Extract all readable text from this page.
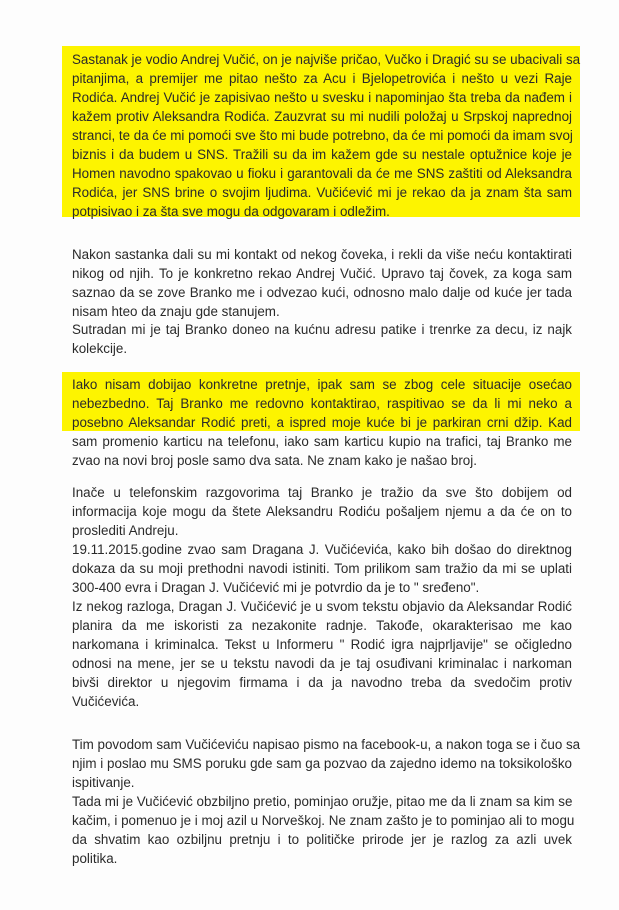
Sastanak je vodio Andrej Vučić, on je najviše pričao, Vučko i Dragić su se ubacivali sa
pitanjima, a premijer me pitao nešto za Acu i Bjelopetrovića i nešto u vezi Raje
Rodića. Andrej Vučić je zapisivao nešto u svesku i napominjao šta treba da nađem i
kažem protiv Aleksandra Rodića. Zauzvrat su mi nudili položaj u Srpskoj naprednoj
stranci, te da će mi pomoći sve što mi bude potrebno, da će mi pomoći da imam svoj
biznis i da budem u SNS. Tražili su da im kažem gde su nestale optužnice koje je
Homen navodno spakovao u fioku i garantovali da će me SNS zaštiti od Aleksandra
Rodića, jer SNS brine o svojim ljudima. Vučićević mi je rekao da ja znam šta sam
potpisivao i za šta sve mogu da odgovaram i odležim.
Nakon sastanka dali su mi kontakt od nekog čoveka, i rekli da više neću kontaktirati
nikog od njih. To je konkretno rekao Andrej Vučić. Upravo taj čovek, za koga sam
saznao da se zove Branko me i odvezao kući, odnosno malo dalje od kuće jer tada
nisam hteo da znaju gde stanujem.
Sutradan mi je taj Branko doneo na kućnu adresu patike i trenrke za decu, iz najk
kolekcije.
Iako nisam dobijao konkretne pretnje, ipak sam se zbog cele situacije osećao
nebezbedno. Taj Branko me redovno kontaktirao, raspitivao se da li mi neko a
posebno Aleksandar Rodić preti, a ispred moje kuće bi je parkiran crni džip. Kad
sam promenio karticu na telefonu, iako sam karticu kupio na trafici, taj Branko me
zvao na novi broj posle samo dva sata. Ne znam kako je našao broj.
Inače u telefonskim razgovorima taj Branko je tražio da sve što dobijem od
informacija koje mogu da štete Aleksandru Rodiću pošaljem njemu a da će on to
proslediti Andreju.
19.11.2015.godine zvao sam Dragana J. Vučićevića, kako bih došao do direktnog
dokaza da su moji prethodni navodi istiniti. Tom prilikom sam tražio da mi se uplati
300-400 evra i Dragan J. Vučićević mi je potvrdio da je to " sređeno".
Iz nekog razloga, Dragan J. Vučićević je u svom tekstu objavio da Aleksandar Rodić
planira da me iskoristi za nezakonite radnje. Takođe, okarakterisao me kao
narkomana i kriminalca. Tekst u Informeru " Rodić igra najprljavije" se očigledno
odnosi na mene, jer se u tekstu navodi da je taj osuđivani kriminalac i narkoman
bivši direktor u njegovim firmama i da ja navodno treba da svedočim protiv
Vučićevića.
Tim povodom sam Vučićeviću napisao pismo na facebook-u, a nakon toga se i čuo sa
njim i poslao mu SMS poruku gde sam ga pozvao da zajedno idemo na toksikološko
ispitivanje.
Tada mi je Vučićević obzbiljno pretio, pominjao oružje, pitao me da li znam sa kim se
kačim, i pomenuo je i moj azil u Norveškoj. Ne znam zašto je to pominjao ali to mogu
da shvatim kao ozbiljnu pretnju i to političke prirode jer je razlog za azli uvek
politika.
